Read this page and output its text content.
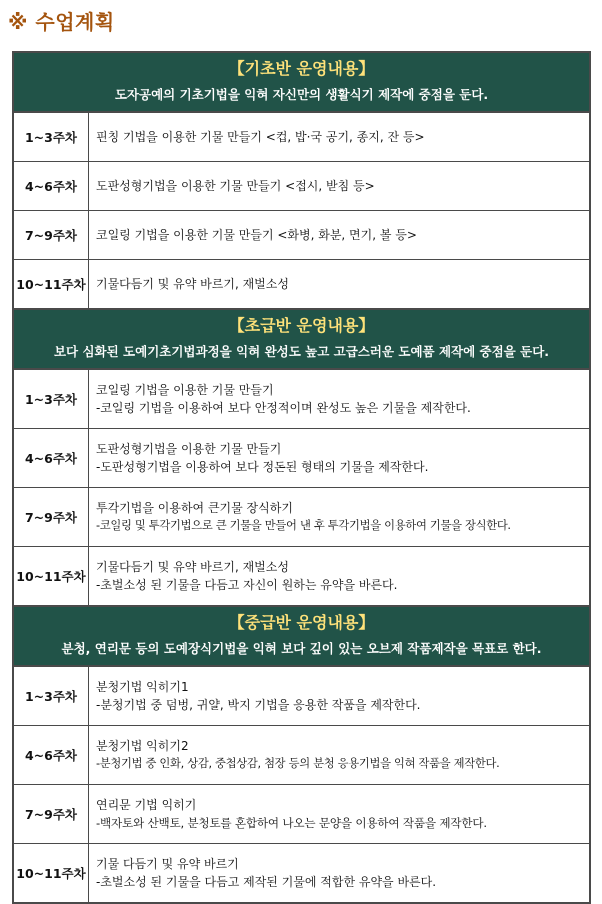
※ 수업계획
【기초반 운영내용】
도자공예의 기초기법을 익혀 자신만의 생활식기 제작에 중점을 둔다.
1~3주차	핀칭 기법을 이용한 기물 만들기 <컵, 밥·국 공기, 종지, 잔 등>
4~6주차	도판성형기법을 이용한 기물 만들기 <접시, 받침 등>
7~9주차	코일링 기법을 이용한 기물 만들기 <화병, 화분, 면기, 볼 등>
10~11주차 기물다듬기 및 유약 바르기, 재벌소성
【초급반 운영내용】
보다 심화된 도예기초기법과정을 익혀 완성도 높고 고급스러운 도예품 제작에 중점을 둔다.
1~3주차
코일링 기법을 이용한 기물 만들기
-코일링 기법을 이용하여 보다 안정적이며 완성도 높은 기물을 제작한다.
4~6주차
도판성형기법을 이용한 기물 만들기
-도판성형기법을 이용하여 보다 정돈된 형태의 기물을 제작한다.
7~9주차
투각기법을 이용하여 큰기물 장식하기
-코일링 및 투각기법으로 큰 기물을 만들어 낸 후 투각기법을 이용하여 기물을 장식한다.
10~11주차
기물다듬기 및 유약 바르기, 재벌소성
-초벌소성 된 기물을 다듬고 자신이 원하는 유약을 바른다.
【중급반 운영내용】
분청, 연리문 등의 도예장식기법을 익혀 보다 깊이 있는 오브제 작품제작을 목표로 한다.
1~3주차
분청기법 익히기1
-분청기법 중 덤벙, 귀얄, 박지 기법을 응용한 작품을 제작한다.
4~6주차
분청기법 익히기2
-분청기법 중 인화, 상감, 중첩상감, 첨장 등의 분청 응용기법을 익혀 작품을 제작한다.
7~9주차
연리문 기법 익히기
-백자토와 산백토, 분청토를 혼합하여 나오는 문양을 이용하여 작품을 제작한다.
10~11주차
기물 다듬기 및 유약 바르기
-초벌소성 된 기물을 다듬고 제작된 기물에 적합한 유약을 바른다.
